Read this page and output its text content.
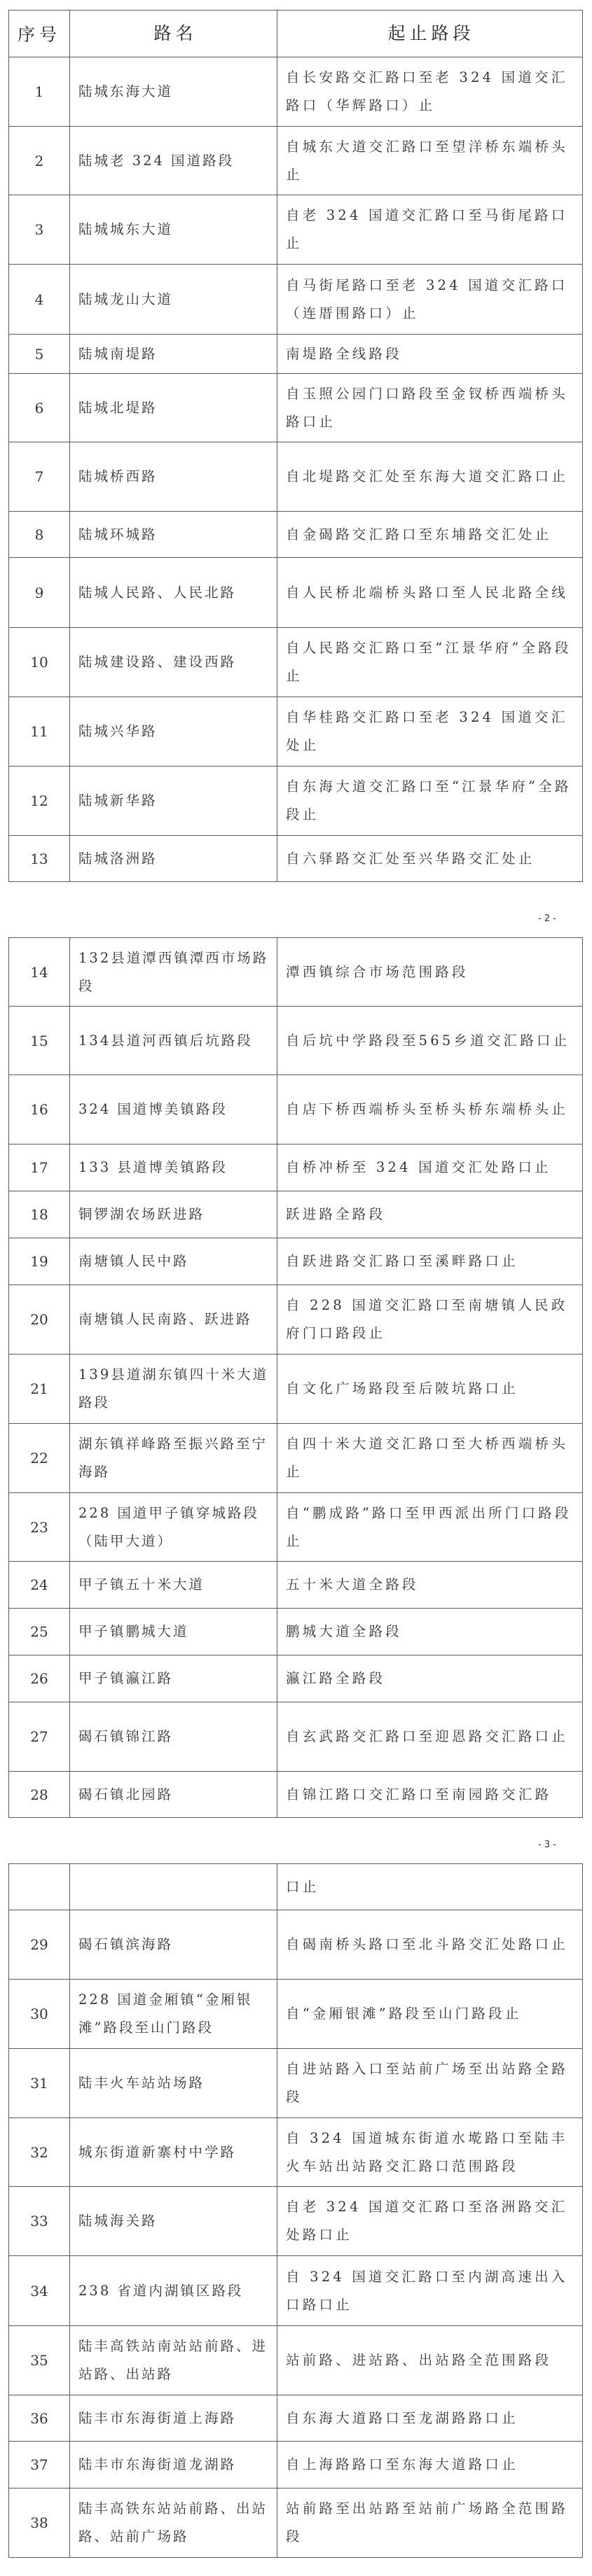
序号	路名	起止路段
1	陆城东海大道	自长安路交汇路口至老 324 国道交汇路口（华辉路口）止
2	陆城老 324 国道路段	自城东大道交汇路口至望洋桥东端桥头止
3	陆城城东大道	自老 324 国道交汇路口至马街尾路口止
4	陆城龙山大道	自马街尾路口至老 324 国道交汇路口（连厝围路口）止
5	陆城南堤路	南堤路全线路段
6	陆城北堤路	自玉照公园门口路段至金钗桥西端桥头路口止
7	陆城桥西路	自北堤路交汇处至东海大道交汇路口止
8	陆城环城路	自金碣路交汇路口至东埔路交汇处止
9	陆城人民路、人民北路	自人民桥北端桥头路口至人民北路全线
10	陆城建设路、建设西路	自人民路交汇路口至“江景华府”全路段止
11	陆城兴华路	自华桂路交汇路口至老 324 国道交汇处止
12	陆城新华路	自东海大道交汇路口至“江景华府”全路段止
13	陆城洛洲路	自六驿路交汇处至兴华路交汇处止
- 2 -
14	132县道潭西镇潭西市场路段	潭西镇综合市场范围路段
15	134县道河西镇后坑路段	自后坑中学路段至565乡道交汇路口止
16	324 国道博美镇路段	自店下桥西端桥头至桥头桥东端桥头止
17	133 县道博美镇路段	自桥冲桥至 324 国道交汇处路口止
18	铜锣湖农场跃进路	跃进路全路段
19	南塘镇人民中路	自跃进路交汇路口至溪畔路口止
20	南塘镇人民南路、跃进路	自 228 国道交汇路口至南塘镇人民政府门口路段止
21	139县道湖东镇四十米大道路段	自文化广场路段至后陂坑路口止
22	湖东镇祥峰路至振兴路至宁海路	自四十米大道交汇路口至大桥西端桥头止
23	228 国道甲子镇穿城路段（陆甲大道）	自“鹏成路”路口至甲西派出所门口路段止
24	甲子镇五十米大道	五十米大道全路段
25	甲子镇鹏城大道	鹏城大道全路段
26	甲子镇瀛江路	瀛江路全路段
27	碣石镇锦江路	自玄武路交汇路口至迎恩路交汇路口止
28	碣石镇北园路	自锦江路口交汇路口至南园路交汇路
- 3 -
		口止
29	碣石镇滨海路	自碣南桥头路口至北斗路交汇处路口止
30	228 国道金厢镇“金厢银滩”路段至山门路段	自“金厢银滩”路段至山门路段止
31	陆丰火车站站场路	自进站路入口至站前广场至出站路全路段
32	城东街道新寨村中学路	自 324 国道城东街道水墘路口至陆丰火车站出站路交汇路口范围路段
33	陆城海关路	自老 324 国道交汇路口至洛洲路交汇处路口止
34	238 省道内湖镇区路段	自 324 国道交汇路口至内湖高速出入口路口止
35	陆丰高铁站南站站前路、进站路、出站路	站前路、进站路、出站路全范围路段
36	陆丰市东海街道上海路	自东海大道路口至龙湖路路口止
37	陆丰市东海街道龙湖路	自上海路路口至东海大道路口止
38	陆丰高铁东站站前路、出站路、站前广场路	站前路至出站路至站前广场路全范围路段
